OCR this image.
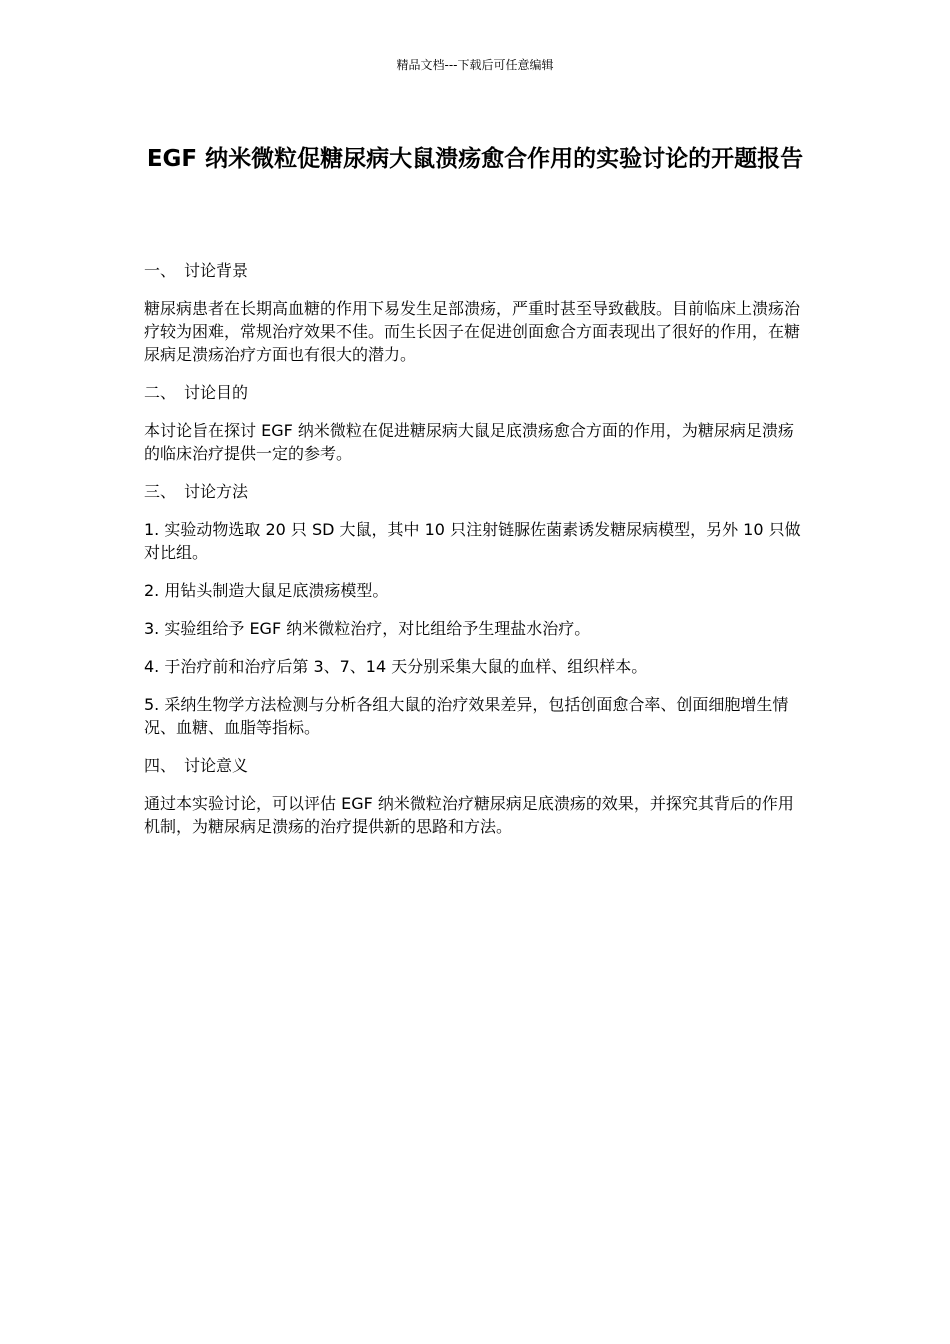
精品文档---下载后可任意编辑
EGF 纳米微粒促糖尿病大鼠溃疡愈合作用的实验讨论的开题报告

一、 讨论背景

糖尿病患者在长期高血糖的作用下易发生足部溃疡，严重时甚至导致截肢。目前临床上溃疡治疗较为困难，常规治疗效果不佳。而生长因子在促进创面愈合方面表现出了很好的作用，在糖尿病足溃疡治疗方面也有很大的潜力。

二、 讨论目的

本讨论旨在探讨 EGF 纳米微粒在促进糖尿病大鼠足底溃疡愈合方面的作用，为糖尿病足溃疡的临床治疗提供一定的参考。

三、 讨论方法

1. 实验动物选取 20 只 SD 大鼠，其中 10 只注射链脲佐菌素诱发糖尿病模型，另外 10 只做对比组。

2. 用钻头制造大鼠足底溃疡模型。

3. 实验组给予 EGF 纳米微粒治疗，对比组给予生理盐水治疗。

4. 于治疗前和治疗后第 3、7、14 天分别采集大鼠的血样、组织样本。

5. 采纳生物学方法检测与分析各组大鼠的治疗效果差异，包括创面愈合率、创面细胞增生情况、血糖、血脂等指标。

四、 讨论意义

通过本实验讨论，可以评估 EGF 纳米微粒治疗糖尿病足底溃疡的效果，并探究其背后的作用机制，为糖尿病足溃疡的治疗提供新的思路和方法。
